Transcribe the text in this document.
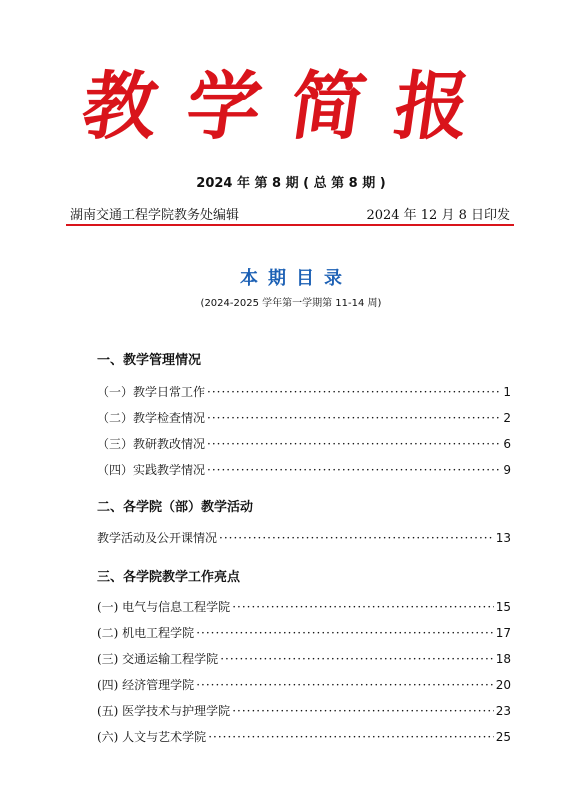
教学简报
2024 年 第 8 期 ( 总 第 8 期 )
湖南交通工程学院教务处编辑	2024 年 12 月 8 日印发
本期目录
(2024-2025 学年第一学期第 11-14 周)
一、教学管理情况
（一）教学日常工作 ·····	1
（二）教学检查情况 ·····	2
（三）教研教改情况 ·····	6
（四）实践教学情况 ·····	9
二、各学院（部）教学活动
教学活动及公开课情况 ·····	13
三、各学院教学工作亮点
(一) 电气与信息工程学院 ·····	15
(二) 机电工程学院 ·····	17
(三) 交通运输工程学院 ·····	18
(四) 经济管理学院 ·····	20
(五) 医学技术与护理学院 ·····	23
(六) 人文与艺术学院 ·····	25
